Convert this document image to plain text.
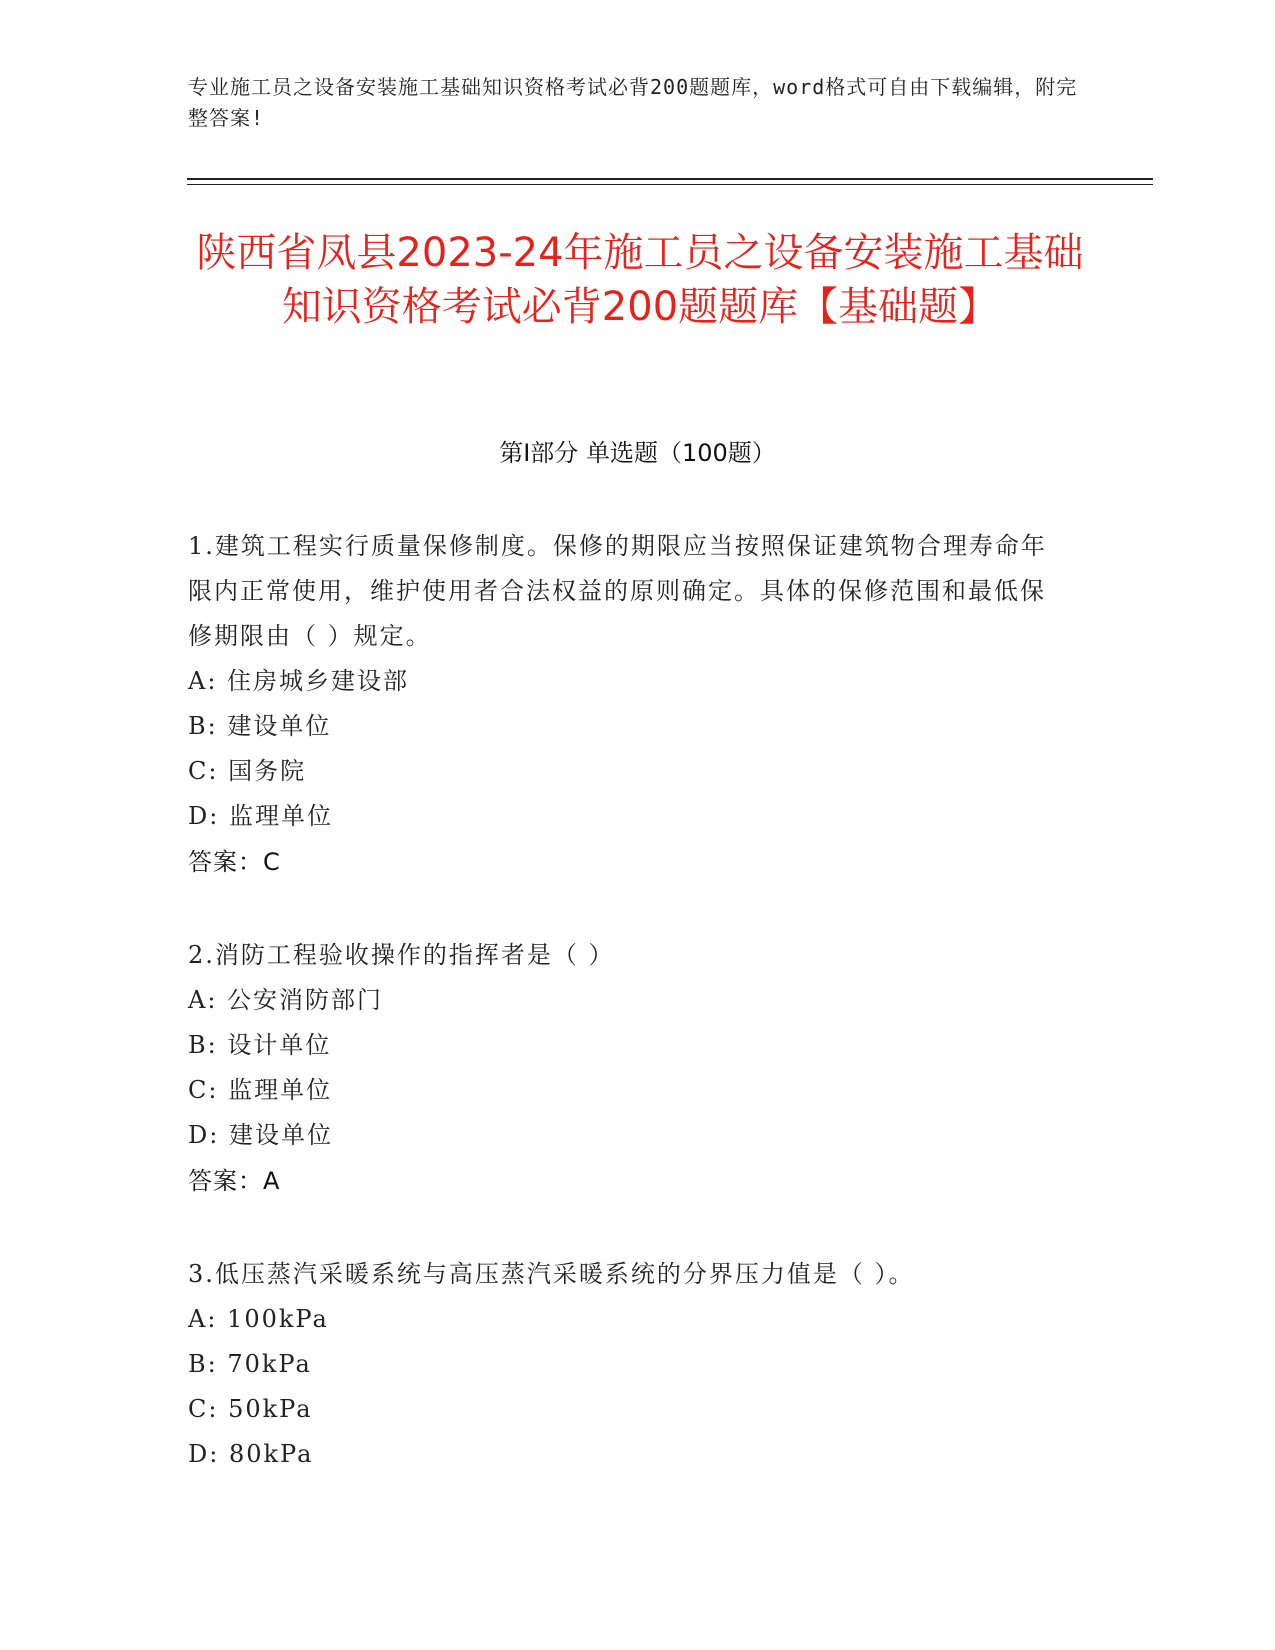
专业施工员之设备安装施工基础知识资格考试必背200题题库，word格式可自由下载编辑，附完整答案!
陕西省凤县2023-24年施工员之设备安装施工基础知识资格考试必背200题题库【基础题】
第I部分 单选题（100题）
1.建筑工程实行质量保修制度。保修的期限应当按照保证建筑物合理寿命年限内正常使用，维护使用者合法权益的原则确定。具体的保修范围和最低保修期限由（ ）规定。
A: 住房城乡建设部
B: 建设单位
C: 国务院
D: 监理单位
答案：C
2.消防工程验收操作的指挥者是（ ）
A: 公安消防部门
B: 设计单位
C: 监理单位
D: 建设单位
答案：A
3.低压蒸汽采暖系统与高压蒸汽采暖系统的分界压力值是（ ）。
A: 100kPa
B: 70kPa
C: 50kPa
D: 80kPa
